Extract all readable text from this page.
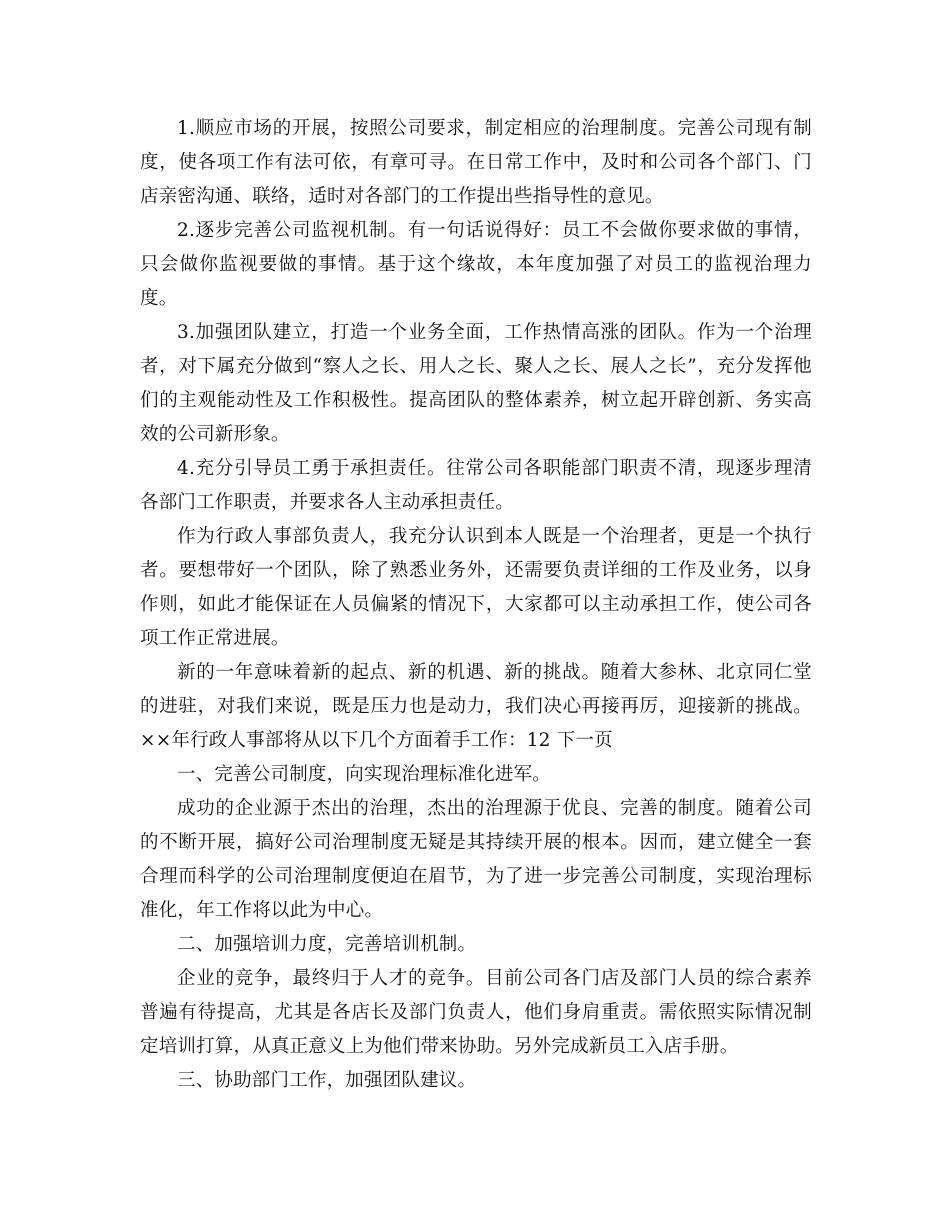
1.顺应市场的开展，按照公司要求，制定相应的治理制度。完善公司现有制度，使各项工作有法可依，有章可寻。在日常工作中，及时和公司各个部门、门店亲密沟通、联络，适时对各部门的工作提出些指导性的意见。

2.逐步完善公司监视机制。有一句话说得好：员工不会做你要求做的事情，只会做你监视要做的事情。基于这个缘故，本年度加强了对员工的监视治理力度。

3.加强团队建立，打造一个业务全面，工作热情高涨的团队。作为一个治理者，对下属充分做到“察人之长、用人之长、聚人之长、展人之长”，充分发挥他们的主观能动性及工作积极性。提高团队的整体素养，树立起开辟创新、务实高效的公司新形象。

4.充分引导员工勇于承担责任。往常公司各职能部门职责不清，现逐步理清各部门工作职责，并要求各人主动承担责任。

作为行政人事部负责人，我充分认识到本人既是一个治理者，更是一个执行者。要想带好一个团队，除了熟悉业务外，还需要负责详细的工作及业务，以身作则，如此才能保证在人员偏紧的情况下，大家都可以主动承担工作，使公司各项工作正常进展。

新的一年意味着新的起点、新的机遇、新的挑战。随着大参林、北京同仁堂的进驻，对我们来说，既是压力也是动力，我们决心再接再厉，迎接新的挑战。××年行政人事部将从以下几个方面着手工作：12 下一页

一、完善公司制度，向实现治理标准化进军。

成功的企业源于杰出的治理，杰出的治理源于优良、完善的制度。随着公司的不断开展，搞好公司治理制度无疑是其持续开展的根本。因而，建立健全一套合理而科学的公司治理制度便迫在眉节，为了进一步完善公司制度，实现治理标准化，年工作将以此为中心。

二、加强培训力度，完善培训机制。

企业的竞争，最终归于人才的竞争。目前公司各门店及部门人员的综合素养普遍有待提高，尤其是各店长及部门负责人，他们身肩重责。需依照实际情况制定培训打算，从真正意义上为他们带来协助。另外完成新员工入店手册。

三、协助部门工作，加强团队建议。
